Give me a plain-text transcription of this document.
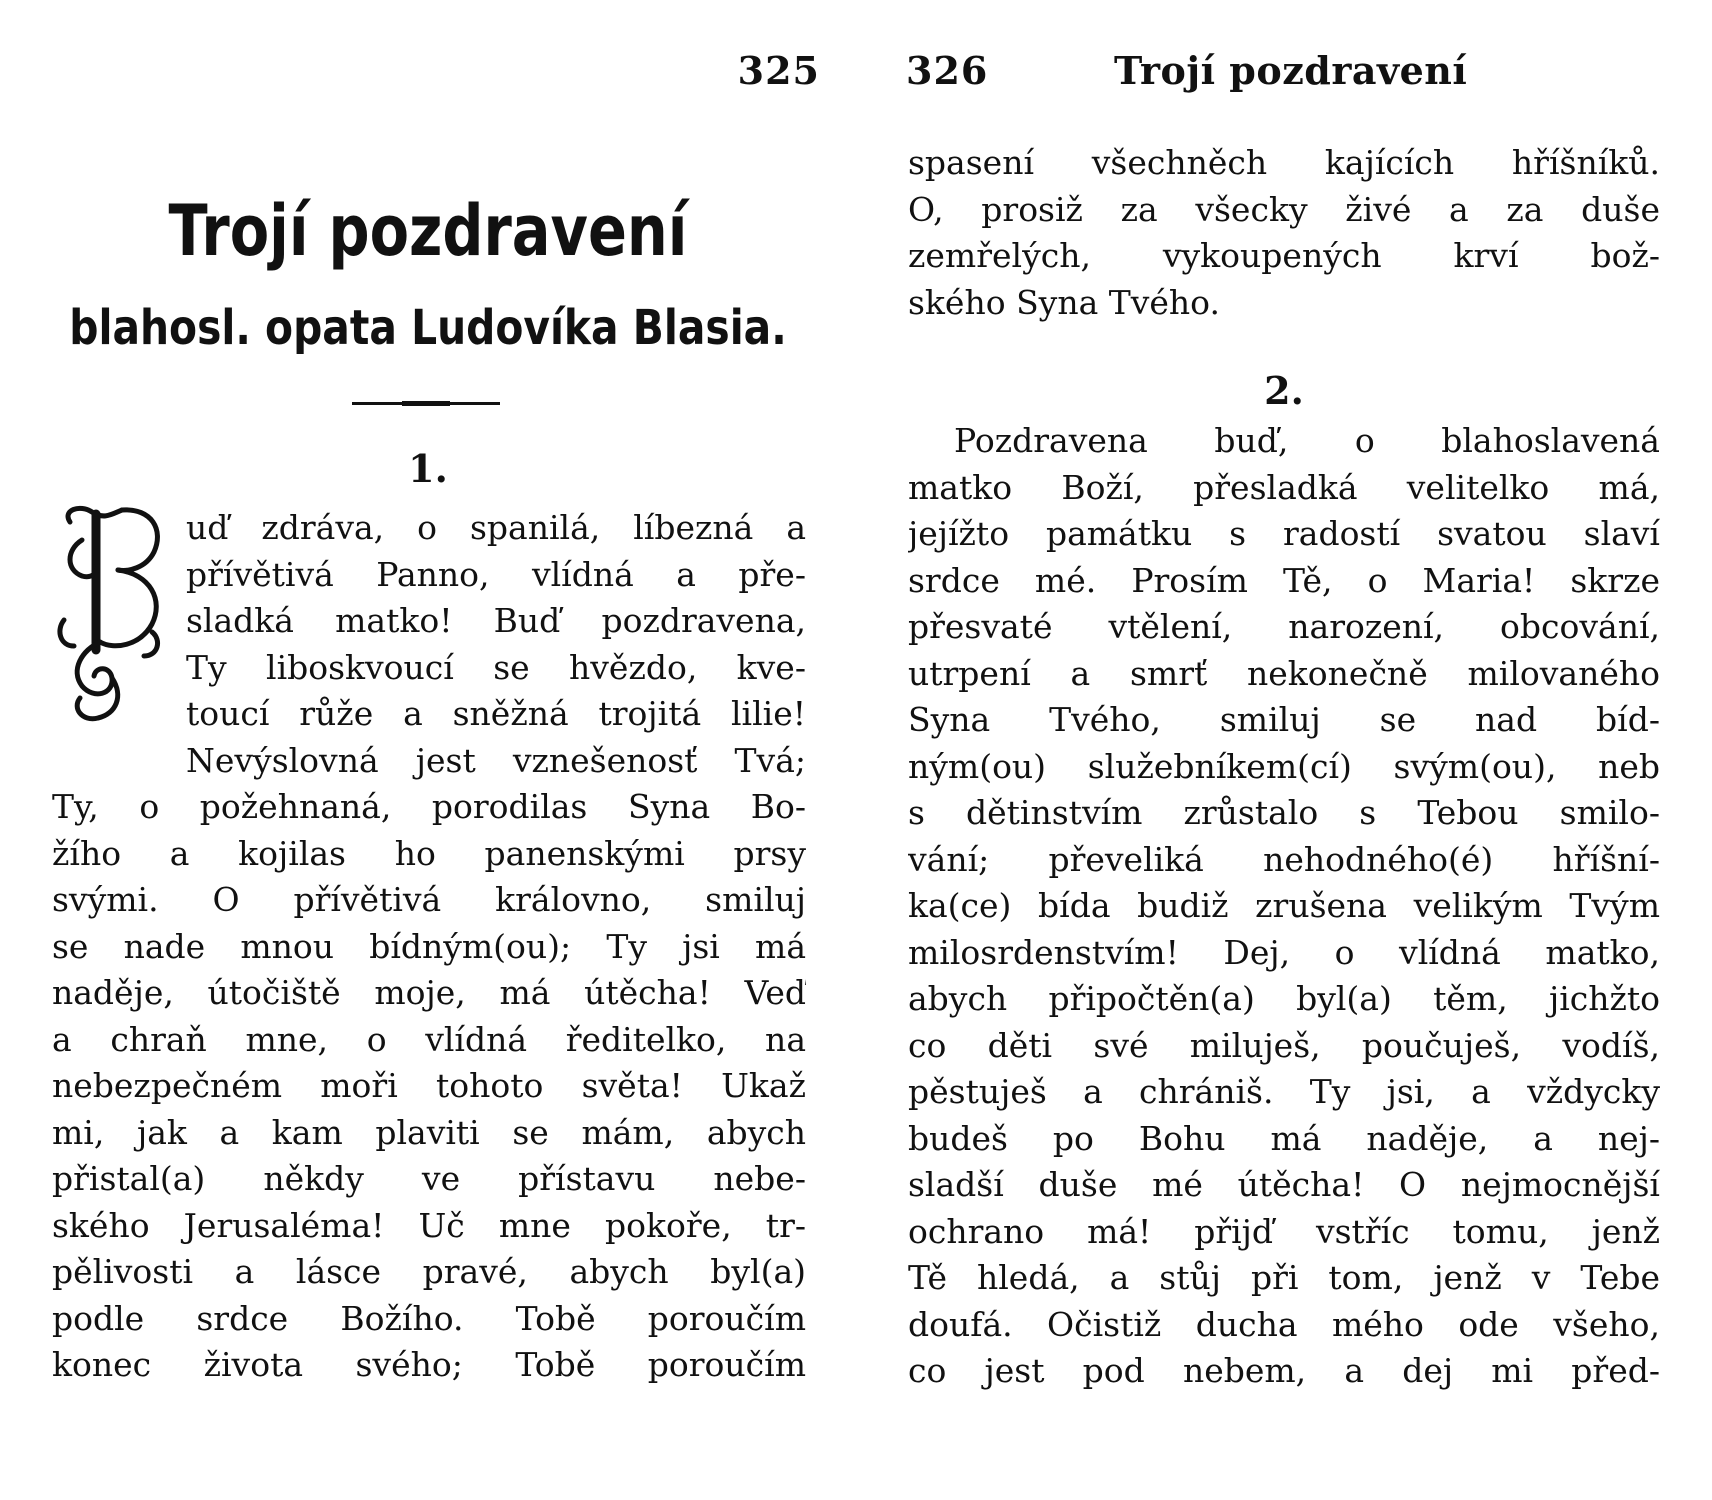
325
Trojí pozdravení
blahosl. opata Ludovíka Blasia.
1.
uď zdráva, o spanilá, líbezná a
přívětivá Panno, vlídná a pře-
sladká matko! Buď pozdravena,
Ty liboskvoucí se hvězdo, kve-
toucí růže a sněžná trojitá lilie!
Nevýslovná jest vznešenosť Tvá;
Ty, o požehnaná, porodilas Syna Bo-
žího a kojilas ho panenskými prsy
svými. O přívětivá královno, smiluj
se nade mnou bídným(ou); Ty jsi má
naděje, útočiště moje, má útěcha! Veď
a chraň mne, o vlídná ředitelko, na
nebezpečném moři tohoto světa! Ukaž
mi, jak a kam plaviti se mám, abych
přistal(a) někdy ve přístavu nebe-
ského Jerusaléma! Uč mne pokoře, tr-
pělivosti a lásce pravé, abych byl(a)
podle srdce Božího. Tobě poroučím
konec života svého; Tobě poroučím
326	Trojí pozdravení
spasení všechněch kajících hříšníků.
O, prosiž za všecky živé a za duše
zemřelých, vykoupených krví bož-
ského Syna Tvého.
2.
Pozdravena buď, o blahoslavená
matko Boží, přesladká velitelko má,
jejížto památku s radostí svatou slaví
srdce mé. Prosím Tě, o Maria! skrze
přesvaté vtělení, narození, obcování,
utrpení a smrť nekonečně milovaného
Syna Tvého, smiluj se nad bíd-
ným(ou) služebníkem(cí) svým(ou), neb
s dětinstvím zrůstalo s Tebou smilo-
vání; převeliká nehodného(é) hříšní-
ka(ce) bída budiž zrušena velikým Tvým
milosrdenstvím! Dej, o vlídná matko,
abych připočtěn(a) byl(a) těm, jichžto
co děti své miluješ, poučuješ, vodíš,
pěstuješ a chrániš. Ty jsi, a vždycky
budeš po Bohu má naděje, a nej-
sladší duše mé útěcha! O nejmocnější
ochrano má! přijď vstříc tomu, jenž
Tě hledá, a stůj při tom, jenž v Tebe
doufá. Očistiž ducha mého ode všeho,
co jest pod nebem, a dej mi před-
